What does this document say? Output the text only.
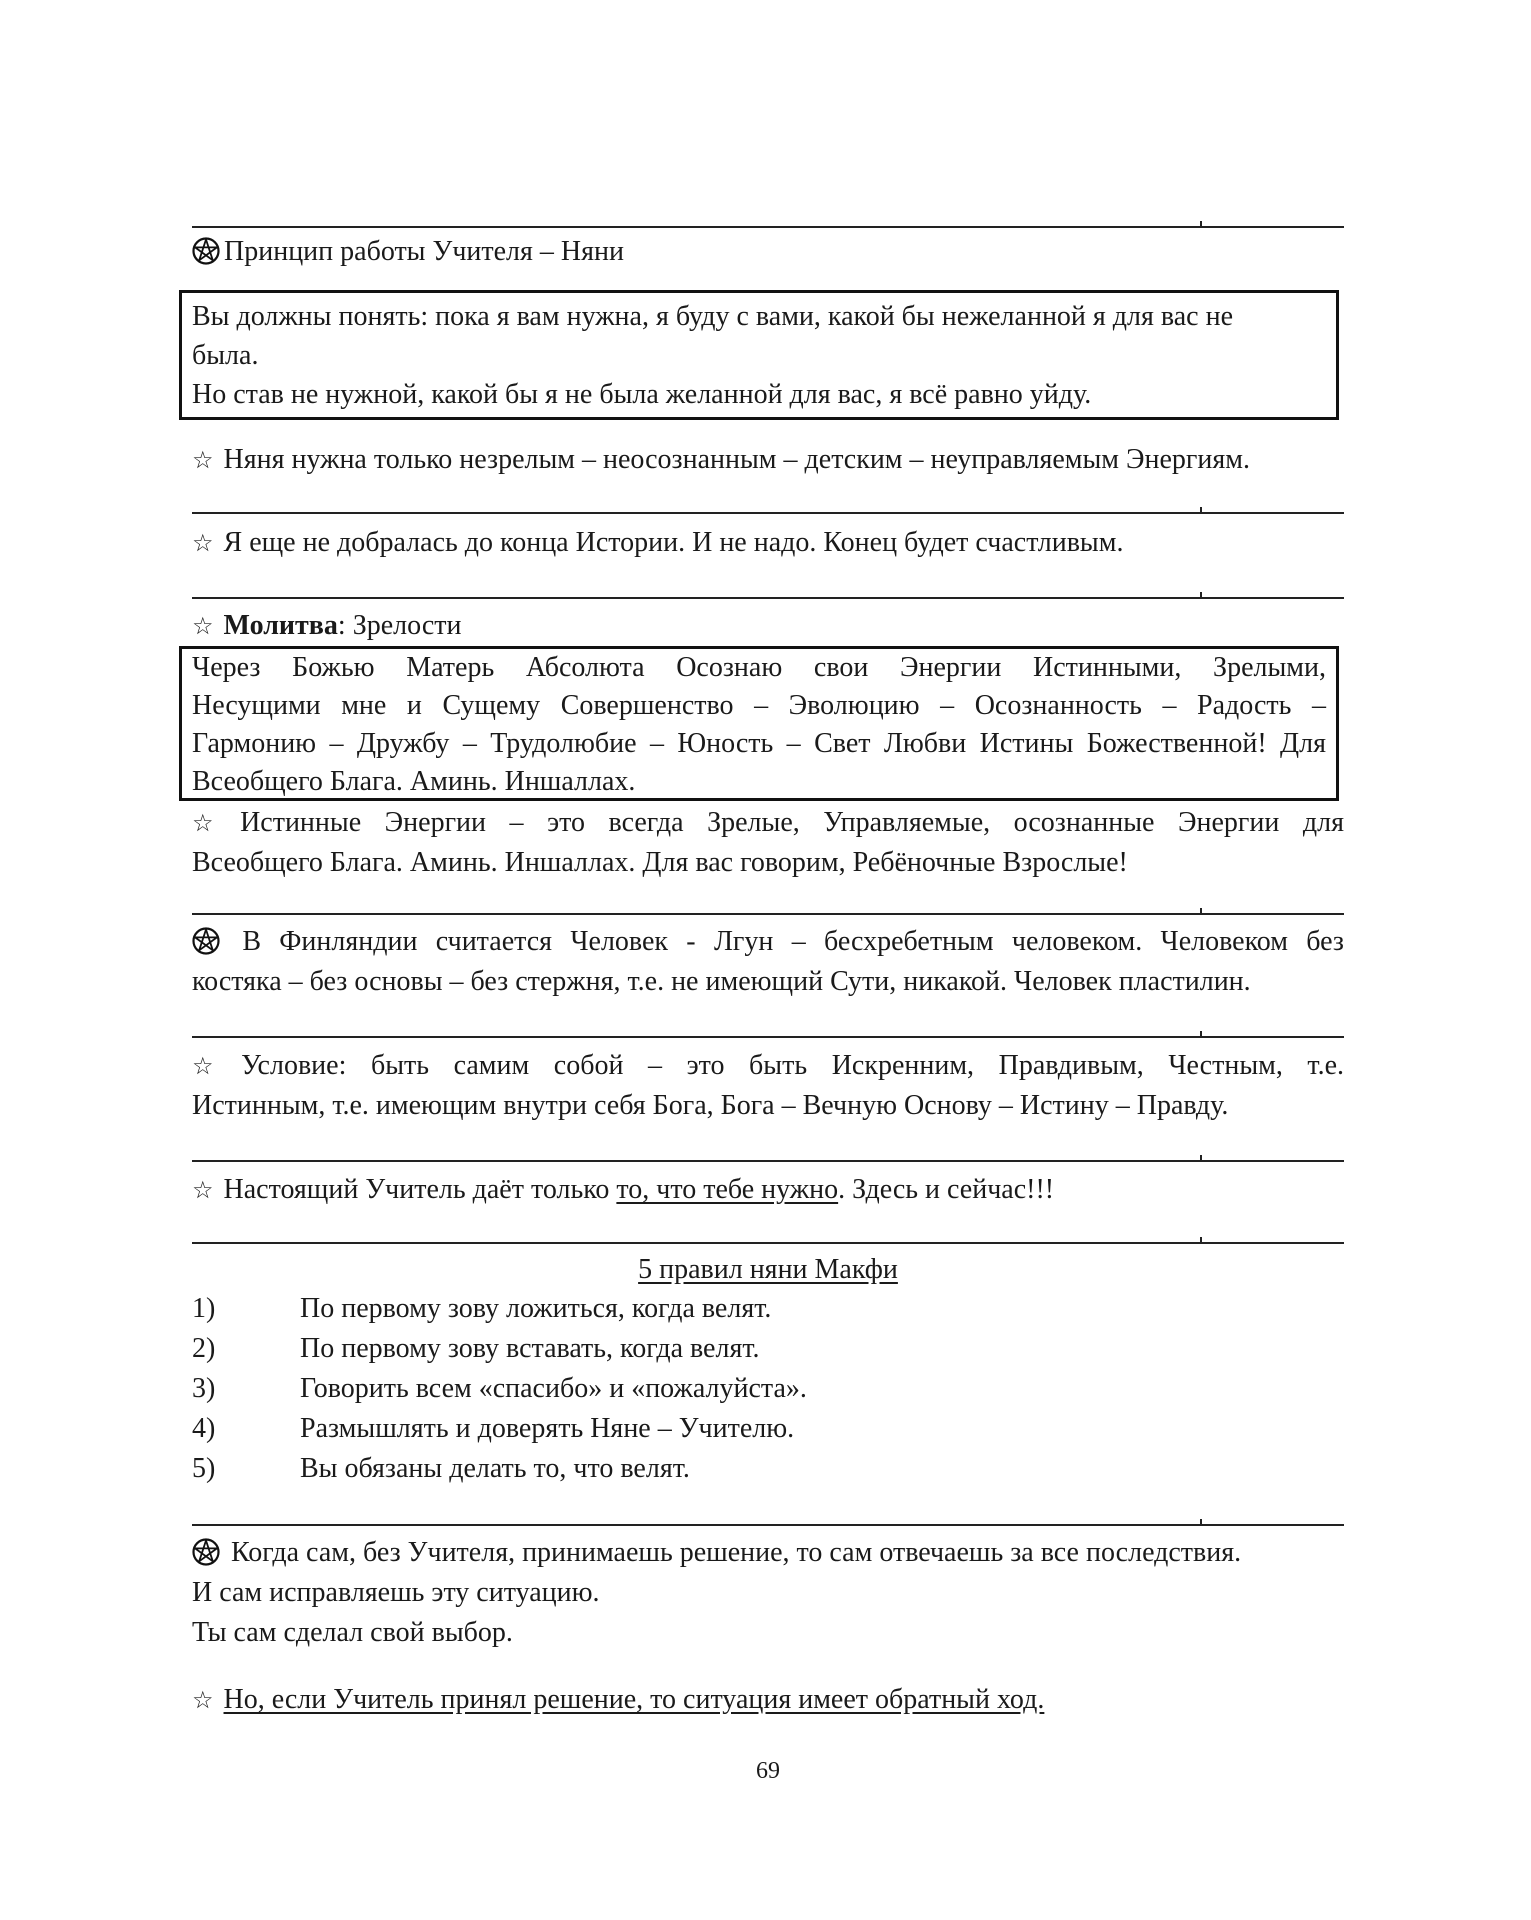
Принцип работы Учителя – Няни
Вы должны понять: пока я вам нужна, я буду с вами, какой бы нежеланной я для вас не
была.
Но став не нужной, какой бы я не была желанной для вас, я всё равно уйду.
☆ Няня нужна только незрелым – неосознанным – детским – неуправляемым Энергиям.
☆ Я еще не добралась до конца Истории. И не надо. Конец будет счастливым.
☆ Молитва: Зрелости
Через Божью Матерь Абсолюта Осознаю свои Энергии Истинными, Зрелыми,
Несущими мне и Сущему Совершенство – Эволюцию – Осознанность – Радость –
Гармонию – Дружбу – Трудолюбие – Юность – Свет Любви Истины Божественной! Для
Всеобщего Блага. Аминь. Иншаллах.
☆ Истинные Энергии – это всегда Зрелые, Управляемые, осознанные Энергии для
Всеобщего Блага. Аминь. Иншаллах. Для вас говорим, Ребёночные Взрослые!
В Финляндии считается Человек - Лгун – бесхребетным человеком. Человеком без
костяка – без основы – без стержня, т.е. не имеющий Сути, никакой. Человек пластилин.
☆ Условие: быть самим собой – это быть Искренним, Правдивым, Честным, т.е.
Истинным, т.е. имеющим внутри себя Бога, Бога – Вечную Основу – Истину – Правду.
☆ Настоящий Учитель даёт только то, что тебе нужно. Здесь и сейчас!!!
5 правил няни Макфи
1)	По первому зову ложиться, когда велят.
2)	По первому зову вставать, когда велят.
3)	Говорить всем «спасибо» и «пожалуйста».
4)	Размышлять и доверять Няне – Учителю.
5)	Вы обязаны делать то, что велят.
Когда сам, без Учителя, принимаешь решение, то сам отвечаешь за все последствия.
И сам исправляешь эту ситуацию.
Ты сам сделал свой выбор.
☆ Но, если Учитель принял решение, то ситуация имеет обратный ход.
69
